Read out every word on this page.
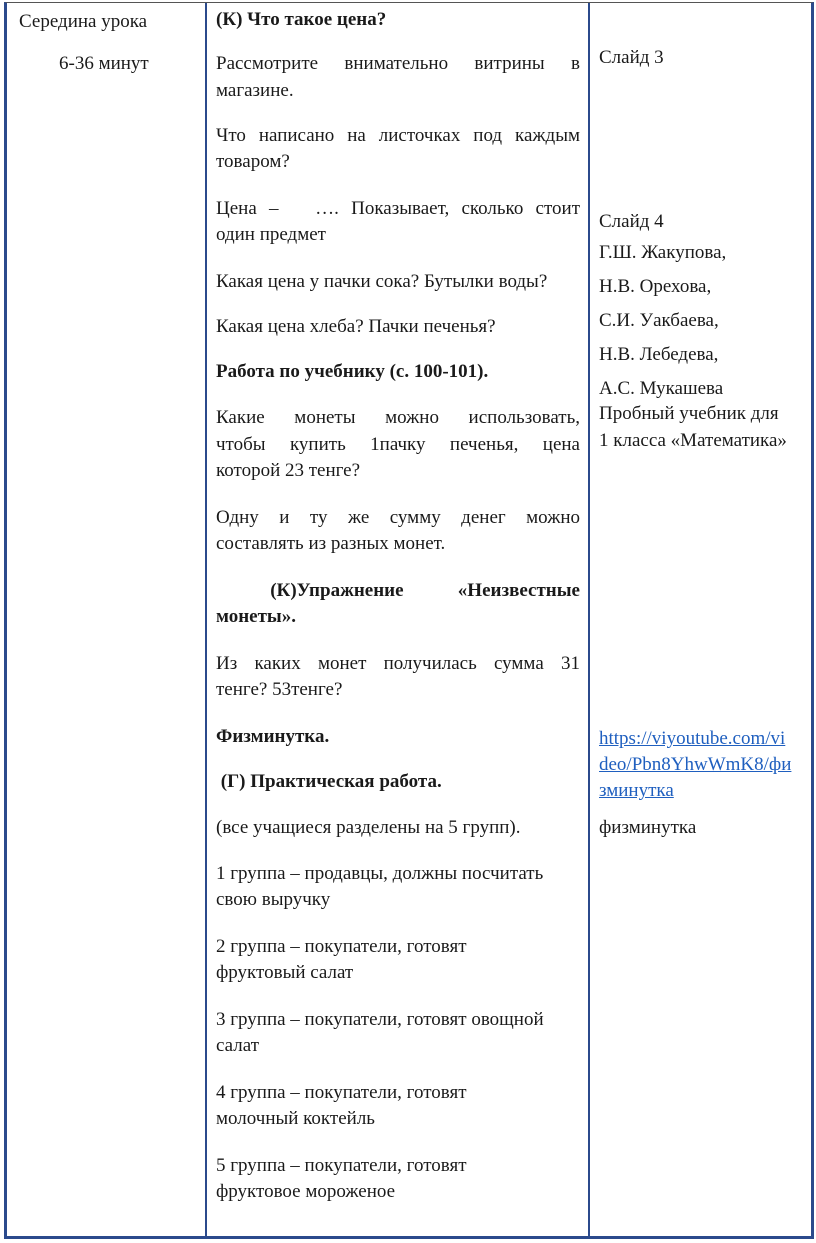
Середина урока
6-36 минут
(К) Что такое цена?
Рассмотрите внимательно витрины в
магазине.
Что написано на листочках под каждым
товаром?
Цена –   …. Показывает, сколько стоит
один предмет
Какая цена у пачки сока? Бутылки воды?
Какая цена хлеба? Пачки печенья?
Работа по учебнику (с. 100-101).
Какие монеты можно использовать,
чтобы купить 1пачку печенья, цена
которой 23 тенге?
Одну и ту же сумму денег можно
составлять из разных монет.
(К)Упражнение «Неизвестные
монеты».
Из каких монет получилась сумма 31
тенге? 53тенге?
Физминутка.
(Г) Практическая работа.
(все учащиеся разделены на 5 групп).
1 группа – продавцы, должны посчитать
свою выручку
2 группа – покупатели, готовят
фруктовый салат
3 группа – покупатели, готовят овощной
салат
4 группа – покупатели, готовят
молочный коктейль
5 группа – покупатели, готовят
фруктовое мороженое
Слайд 3
Слайд 4
Г.Ш. Жакупова,
Н.В. Орехова,
С.И. Уакбаева,
Н.В. Лебедева,
А.С. Мукашева
Пробный учебник для
1 класса «Математика»
https://viyoutube.com/vi
deo/Pbn8YhwWmK8/фи
зминутка
физминутка
